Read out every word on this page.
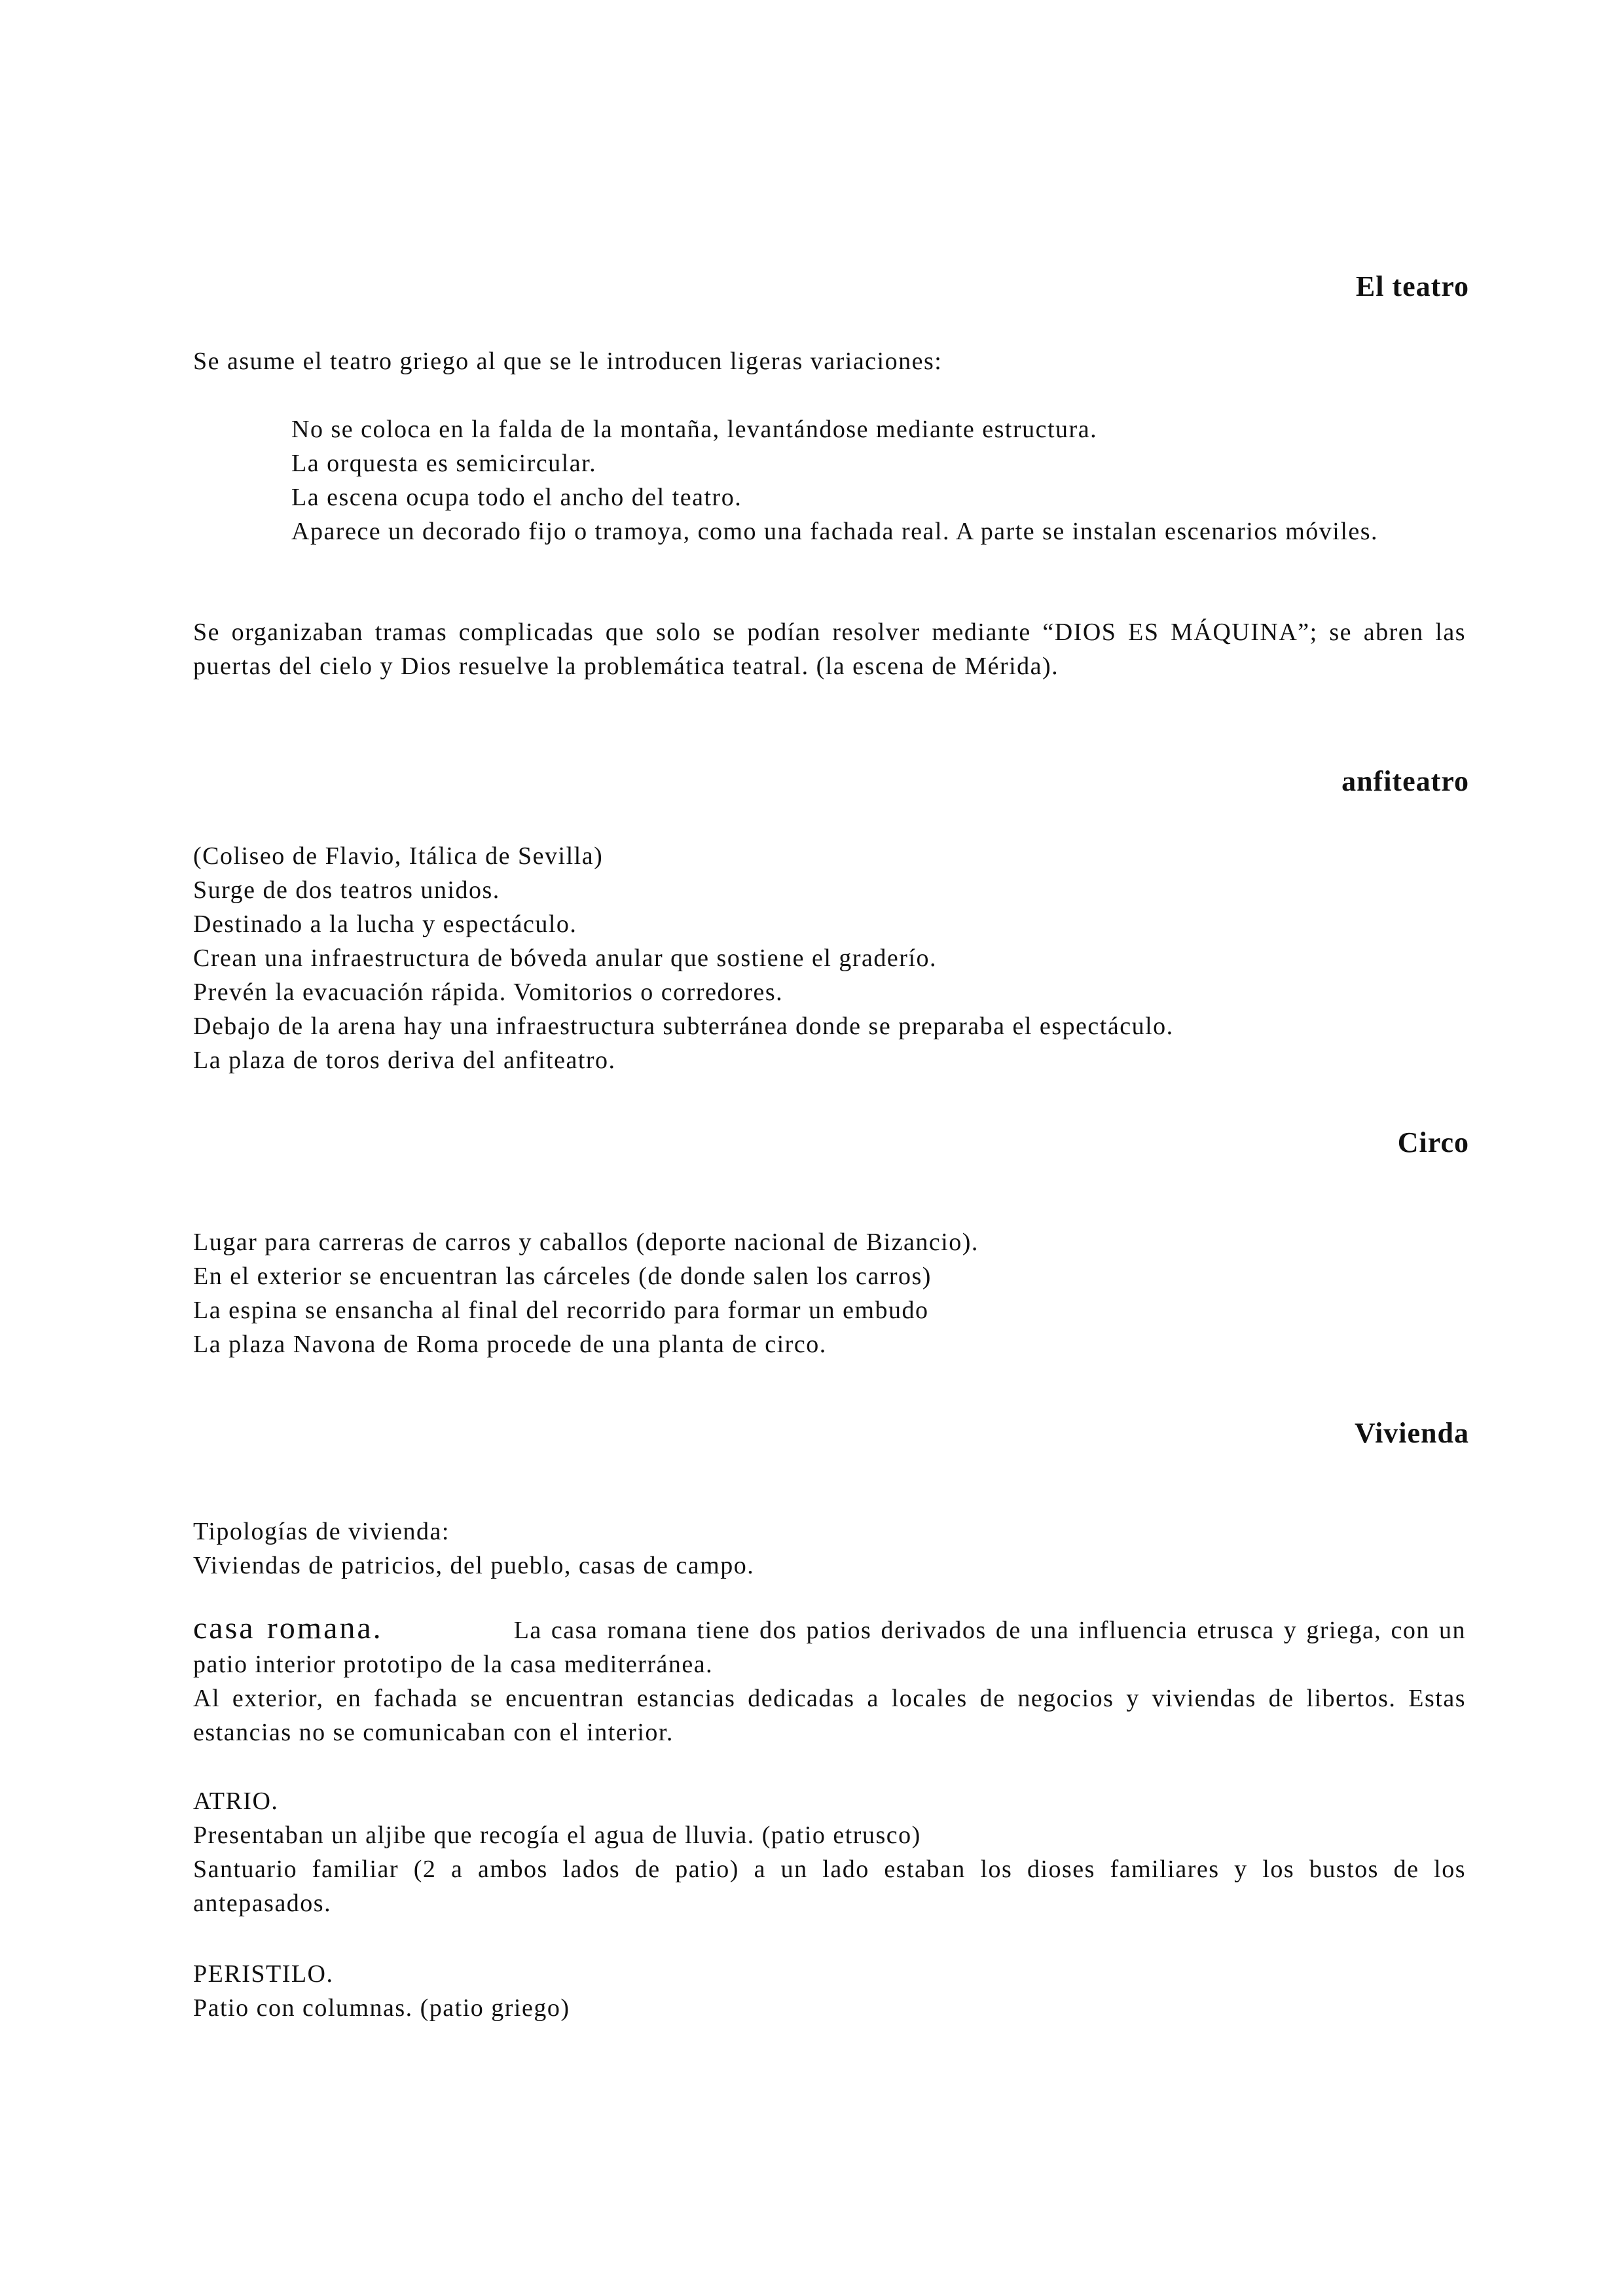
El teatro

Se asume el teatro griego al que se le introducen ligeras variaciones:

No se coloca en la falda de la montaña, levantándose mediante estructura.
La orquesta es semicircular.
La escena ocupa todo el ancho del teatro.
Aparece un decorado fijo o tramoya, como una fachada real. A parte se instalan escenarios móviles.

Se organizaban tramas complicadas que solo se podían resolver mediante “DIOS ES MÁQUINA”; se abren las puertas del cielo y Dios resuelve la problemática teatral. (la escena de Mérida).

anfiteatro
(Coliseo de Flavio, Itálica de Sevilla)
Surge de dos teatros unidos.
Destinado a la lucha y espectáculo.
Crean una infraestructura de bóveda anular que sostiene el graderío.
Prevén la evacuación rápida. Vomitorios o corredores.
Debajo de la arena hay una infraestructura subterránea donde se preparaba el espectáculo.
La plaza de toros deriva del anfiteatro.
Circo
Lugar para carreras de carros y caballos (deporte nacional de Bizancio).
En el exterior se encuentran las cárceles (de donde salen los carros)
La espina se ensancha al final del recorrido para formar un embudo
La plaza Navona de Roma procede de una planta de circo.
Vivienda
Tipologías de vivienda:
Viviendas de patricios, del pueblo, casas de campo.
casa romana.	La casa romana tiene dos patios derivados de una influencia etrusca y griega, con un patio interior prototipo de la casa mediterránea.
Al exterior, en fachada se encuentran estancias dedicadas a locales de negocios y viviendas de libertos. Estas estancias no se comunicaban con el interior.
ATRIO.
Presentaban un aljibe que recogía el agua de lluvia. (patio etrusco)
Santuario familiar (2 a ambos lados de patio) a un lado estaban los dioses familiares y los bustos de los antepasados.
PERISTILO.
Patio con columnas. (patio griego)
